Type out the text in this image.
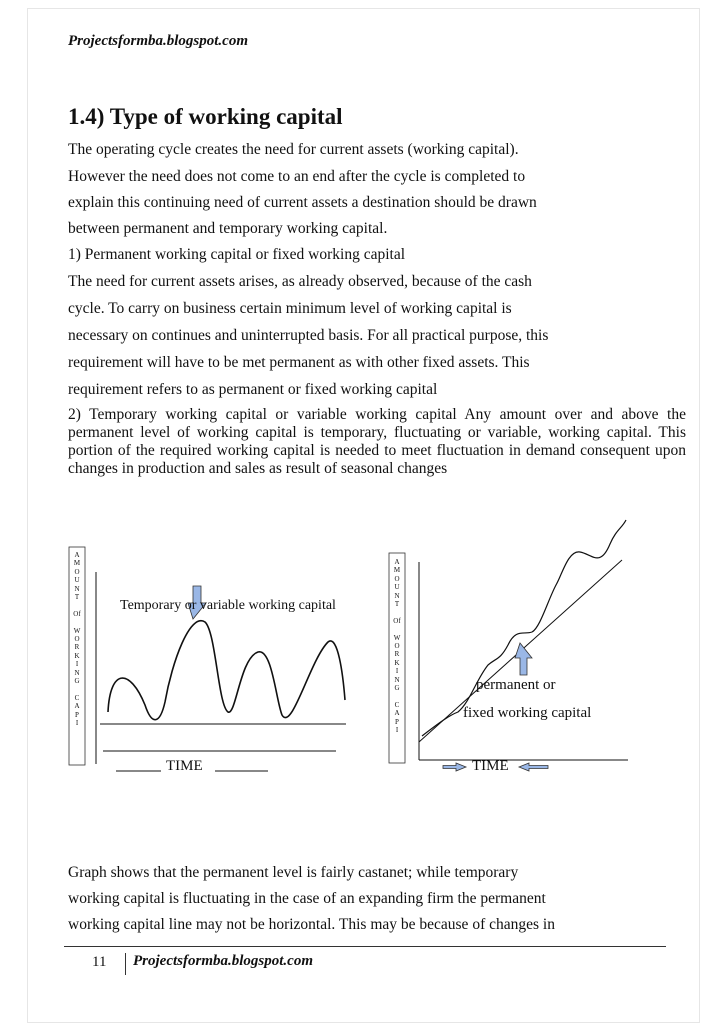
Projectsformba.blogspot.com
1.4) Type of working capital
The operating cycle creates the need for current assets (working capital).
However the need does not come to an end after the cycle is completed to
explain this continuing need of current assets a destination should be drawn
between permanent and temporary working capital.
1) Permanent working capital or fixed working capital
The need for current assets arises, as already observed, because of the cash
cycle. To carry on business certain minimum level of working capital is
necessary on continues and uninterrupted basis. For all practical purpose, this
requirement will have to be met permanent as with other fixed assets. This
requirement refers to as permanent or fixed working capital
2) Temporary working capital or variable working capital Any amount over and above the permanent level of working capital is temporary, fluctuating or variable, working capital. This portion of the required working capital is needed to meet fluctuation in demand consequent upon changes in production and sales as result of seasonal changes
A
M
O
U
N
T

Of

W
O
R
K
I
N
G

C
A
P
I
A
M
O
U
N
T

Of

W
O
R
K
I
N
G

C
A
P
I
Temporary or variable working capital
TIME
permanent or
fixed working capital
TIME
Graph shows that the permanent level is fairly castanet; while temporary
working capital is fluctuating in the case of an expanding firm the permanent
working capital line may not be horizontal. This may be because of changes in
11 Projectsformba.blogspot.com
